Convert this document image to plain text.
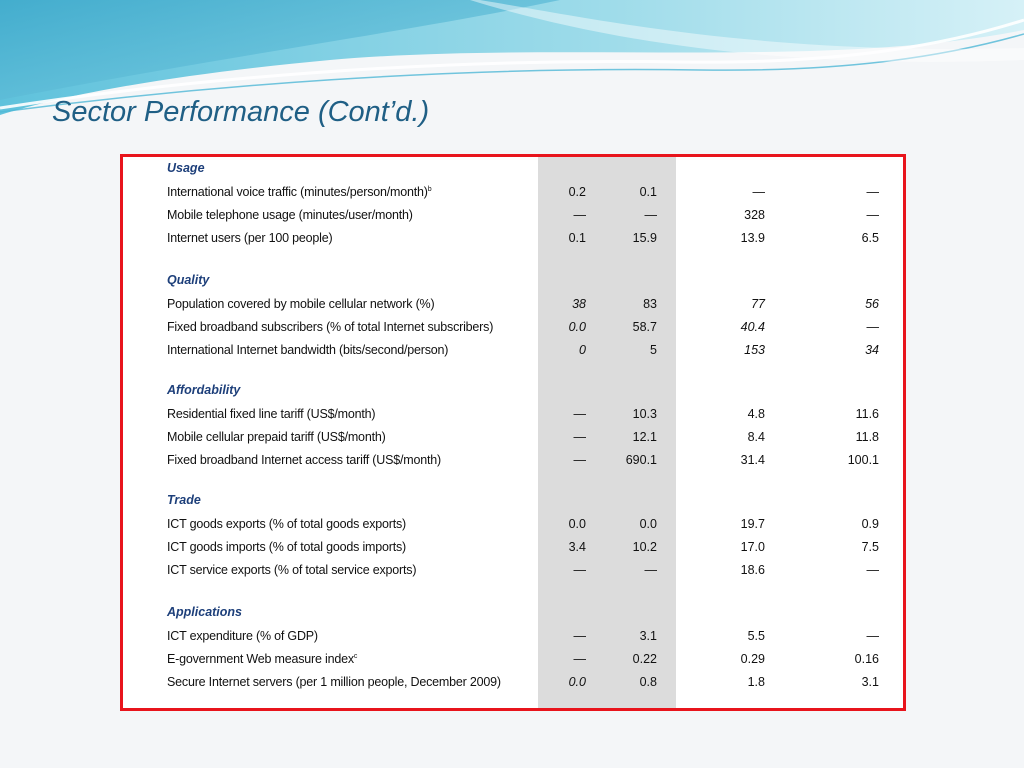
Sector Performance (Cont’d.)
Usage
International voice traffic (minutes/person/month)$^b$	0.2	0.1	—	—
Mobile telephone usage (minutes/user/month)	—	—	328	—
Internet users (per 100 people)	0.1	15.9	13.9	6.5
Quality
Population covered by mobile cellular network (%)	38	83	77	56
Fixed broadband subscribers (% of total Internet subscribers)	0.0	58.7	40.4	—
International Internet bandwidth (bits/second/person)	0	5	153	34
Affordability
Residential fixed line tariff (US$/month)	—	10.3	4.8	11.6
Mobile cellular prepaid tariff (US$/month)	—	12.1	8.4	11.8
Fixed broadband Internet access tariff (US$/month)	—	690.1	31.4	100.1
Trade
ICT goods exports (% of total goods exports)	0.0	0.0	19.7	0.9
ICT goods imports (% of total goods imports)	3.4	10.2	17.0	7.5
ICT service exports (% of total service exports)	—	—	18.6	—
Applications
ICT expenditure (% of GDP)	—	3.1	5.5	—
E-government Web measure index$^c$	—	0.22	0.29	0.16
Secure Internet servers (per 1 million people, December 2009)	0.0	0.8	1.8	3.1
